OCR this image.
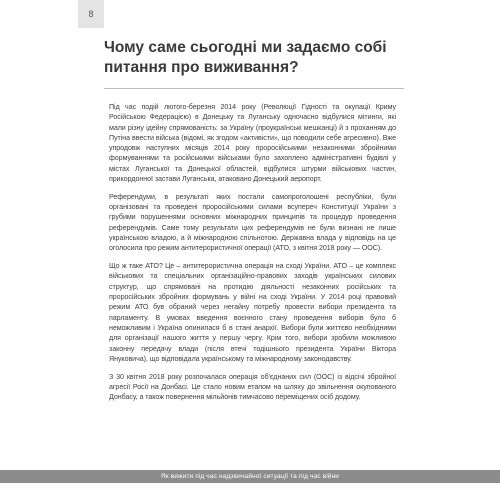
8
Чому саме сьогодні ми задаємо собі питання про виживання?

Під час подій лютого-березня 2014 року (Революції Гідності та окупації Криму Російською Федерацією) в Донецьку та Луганську одночасно відбулися мітинги, які мали різну ідейну спрямованість: за Україну (проукраїнські мешканці) й з проханням до Путіна ввести війська (відомі, як згодом «активісти», що поводили себе агресивно). Вже упродовж наступних місяців 2014 року проросійськими незаконними збройними формуваннями та російськими військами було захоплено адміністративні будівлі у містах Луганської та Донецької областей, відбулися штурми військових частин, прикордонної застави Луганська, атаковано Донецький аеропорт.

Референдуми, в результаті яких постали самопроголошені республіки, були організовані та проведені проросійськими силами всупереч Конституції України з грубими порушеннями основних міжнародних принципів та процедур проведення референдумів. Саме тому результати цих референдумів не були визнані не лише українською владою, а й міжнародною спільнотою. Державна влада у відповідь на це оголосила про режим антитерористичної операції (АТО, з квітня 2018 року — ООС).

Що ж таке АТО? Це – антитерористична операція на сході України. АТО – це комплекс військових та спеціальних організаційно-правових заходів українських силових структур, що спрямовані на протидію діяльності незаконних російських та проросійських збройних формувань у війні на сході України. У 2014 році правовий режим АТО був обраний через негайну потребу провести вибори президента та парламенту. В умовах введення воєнного стану проведення виборів було б неможливим і Україна опинилася б в стані анархії. Вибори були життєво необхідними для організації нашого життя у першу чергу. Крім того, вибори зробили можливою законну передачу влади (після втечі тодішнього президента України Віктора Януковича), що відповідала українському та міжнародному законодавству.

З 30 квітня 2018 року розпочалася операція об'єднаних сил (ООС) із відсічі збройної агресії Росії на Донбасі. Це стало новим етапом на шляху до звільнення окупованого Донбасу, а також повернення мільйонів тимчасово переміщених осіб додому.

Як вижити під час надзвичайної ситуації та під час війни
